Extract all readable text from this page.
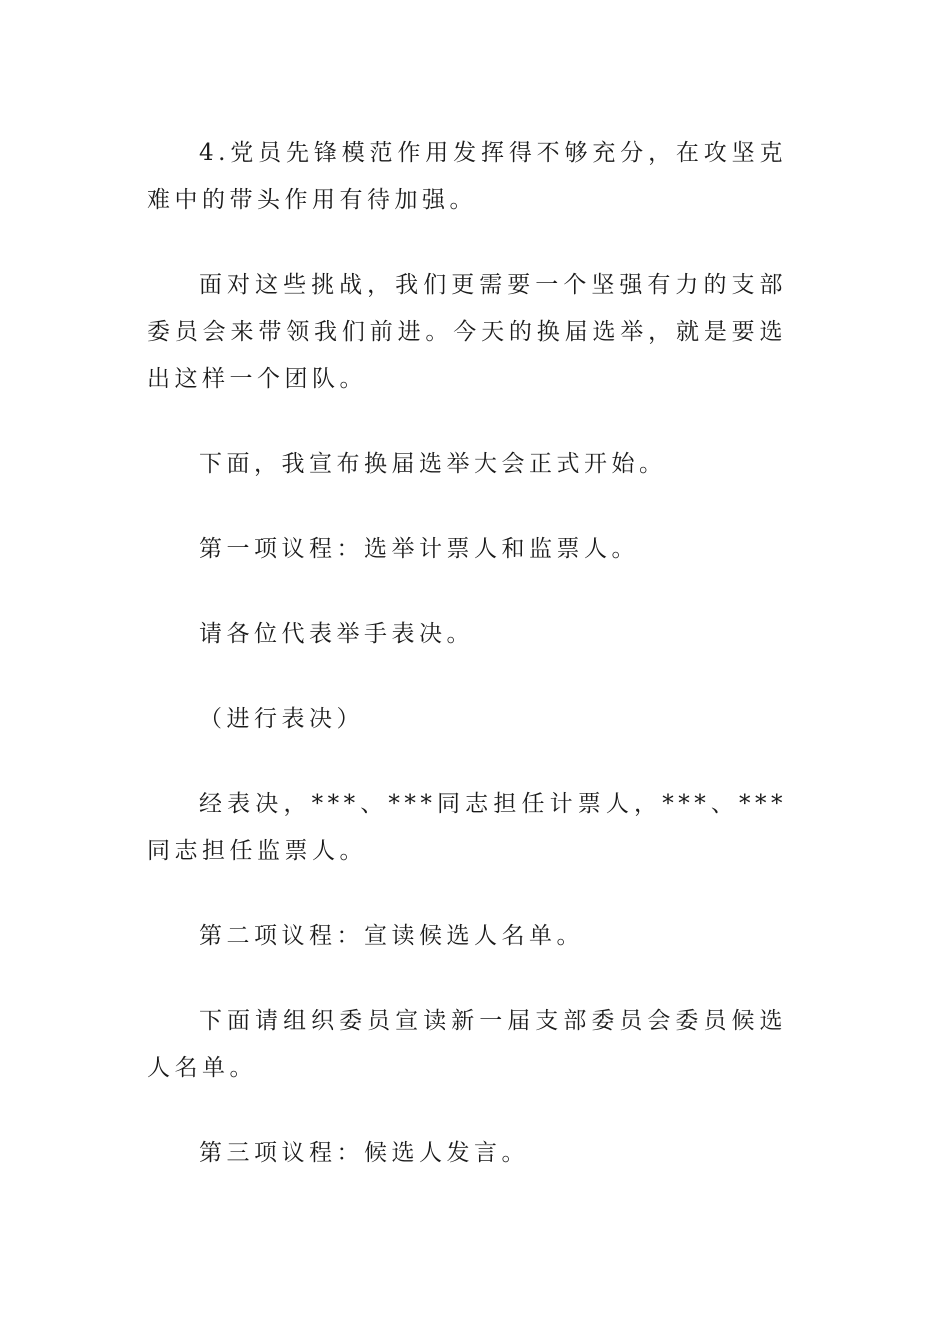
4.党员先锋模范作用发挥得不够充分，在攻坚克难中的带头作用有待加强。

面对这些挑战，我们更需要一个坚强有力的支部委员会来带领我们前进。今天的换届选举，就是要选出这样一个团队。

下面，我宣布换届选举大会正式开始。

第一项议程：选举计票人和监票人。

请各位代表举手表决。

（进行表决）

经表决，***、***同志担任计票人，***、***同志担任监票人。

第二项议程：宣读候选人名单。

下面请组织委员宣读新一届支部委员会委员候选人名单。

第三项议程：候选人发言。
